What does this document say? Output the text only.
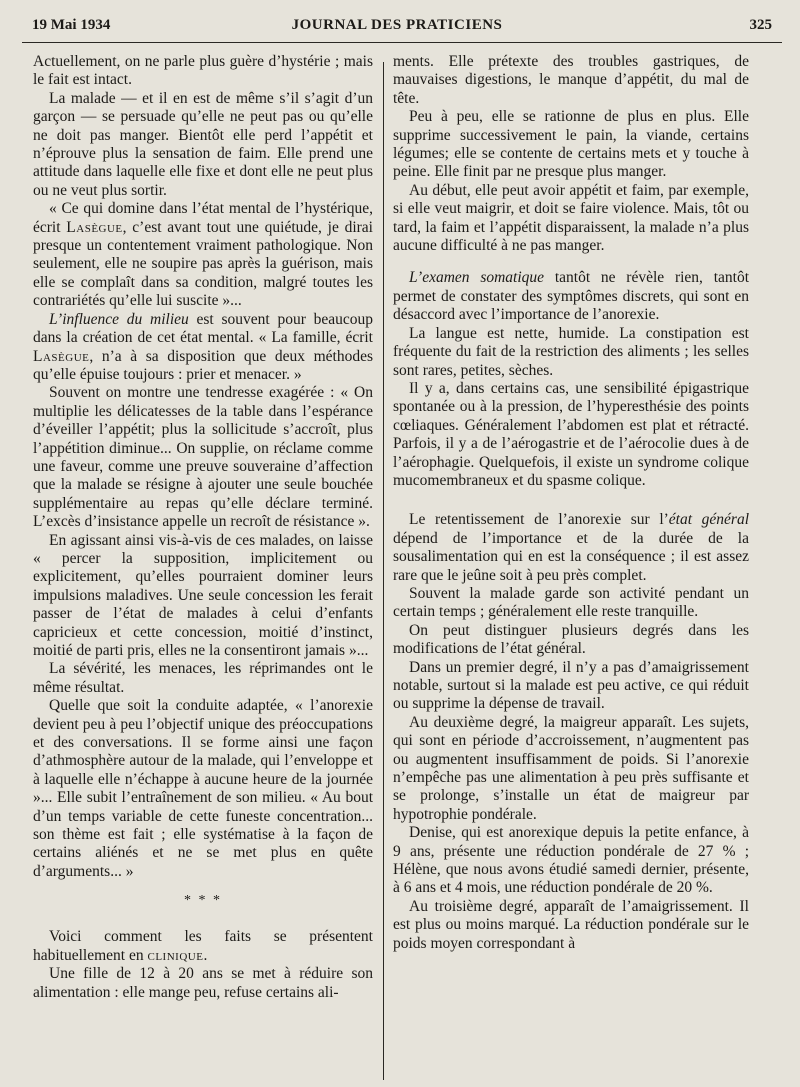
19 Mai 1934	JOURNAL DES PRATICIENS	325

Actuellement, on ne parle plus guère d’hystérie ; mais le fait est intact.

La malade — et il en est de même s’il s’agit d’un garçon — se persuade qu’elle ne peut pas ou qu’elle ne doit pas manger. Bientôt elle perd l’appétit et n’éprouve plus la sensation de faim. Elle prend une attitude dans laquelle elle fixe et dont elle ne peut plus ou ne veut plus sortir.

« Ce qui domine dans l’état mental de l’hystérique, écrit Lasègue, c’est avant tout une quiétude, je dirai presque un contentement vraiment pathologique. Non seulement, elle ne soupire pas après la guérison, mais elle se complaît dans sa condition, malgré toutes les contrariétés qu’elle lui suscite »...

L’influence du milieu est souvent pour beaucoup dans la création de cet état mental. « La famille, écrit Lasègue, n’a à sa disposition que deux méthodes qu’elle épuise toujours : prier et menacer. »

Souvent on montre une tendresse exagérée : « On multiplie les délicatesses de la table dans l’espérance d’éveiller l’appétit; plus la sollicitude s’accroît, plus l’appétition diminue... On supplie, on réclame comme une faveur, comme une preuve souveraine d’affection que la malade se résigne à ajouter une seule bouchée supplémentaire au repas qu’elle déclare terminé. L’excès d’insistance appelle un recroît de résistance ».

En agissant ainsi vis-à-vis de ces malades, on laisse « percer la supposition, implicitement ou explicitement, qu’elles pourraient dominer leurs impulsions maladives. Une seule concession les ferait passer de l’état de malades à celui d’enfants capricieux et cette concession, moitié d’instinct, moitié de parti pris, elles ne la consentiront jamais »...

La sévérité, les menaces, les réprimandes ont le même résultat.

Quelle que soit la conduite adaptée, « l’anorexie devient peu à peu l’objectif unique des préoccupations et des conversations. Il se forme ainsi une façon d’athmosphère autour de la malade, qui l’enveloppe et à laquelle elle n’échappe à aucune heure de la journée »... Elle subit l’entraînement de son milieu. « Au bout d’un temps variable de cette funeste concentration... son thème est fait ; elle systématise à la façon de certains aliénés et ne se met plus en quête d’arguments... »

* * *

Voici comment les faits se présentent habituellement en clinique.

Une fille de 12 à 20 ans se met à réduire son alimentation : elle mange peu, refuse certains ali-

ments. Elle prétexte des troubles gastriques, de mauvaises digestions, le manque d’appétit, du mal de tête.

Peu à peu, elle se rationne de plus en plus. Elle supprime successivement le pain, la viande, certains légumes; elle se contente de certains mets et y touche à peine. Elle finit par ne presque plus manger.

Au début, elle peut avoir appétit et faim, par exemple, si elle veut maigrir, et doit se faire violence. Mais, tôt ou tard, la faim et l’appétit disparaissent, la malade n’a plus aucune difficulté à ne pas manger.

L’examen somatique tantôt ne révèle rien, tantôt permet de constater des symptômes discrets, qui sont en désaccord avec l’importance de l’anorexie.

La langue est nette, humide. La constipation est fréquente du fait de la restriction des aliments ; les selles sont rares, petites, sèches.

Il y a, dans certains cas, une sensibilité épigastrique spontanée ou à la pression, de l’hyperesthésie des points cœliaques. Généralement l’abdomen est plat et rétracté. Parfois, il y a de l’aérogastrie et de l’aérocolie dues à de l’aérophagie. Quelquefois, il existe un syndrome colique mucomembraneux et du spasme colique.

Le retentissement de l’anorexie sur l’état général dépend de l’importance et de la durée de la sousalimentation qui en est la conséquence ; il est assez rare que le jeûne soit à peu près complet.

Souvent la malade garde son activité pendant un certain temps ; généralement elle reste tranquille.

On peut distinguer plusieurs degrés dans les modifications de l’état général.

Dans un premier degré, il n’y a pas d’amaigrissement notable, surtout si la malade est peu active, ce qui réduit ou supprime la dépense de travail.

Au deuxième degré, la maigreur apparaît. Les sujets, qui sont en période d’accroissement, n’augmentent pas ou augmentent insuffisamment de poids. Si l’anorexie n’empêche pas une alimentation à peu près suffisante et se prolonge, s’installe un état de maigreur par hypotrophie pondérale.

Denise, qui est anorexique depuis la petite enfance, à 9 ans, présente une réduction pondérale de 27 % ; Hélène, que nous avons étudié samedi dernier, présente, à 6 ans et 4 mois, une réduction pondérale de 20 %.

Au troisième degré, apparaît de l’amaigrissement. Il est plus ou moins marqué. La réduction pondérale sur le poids moyen correspondant à
